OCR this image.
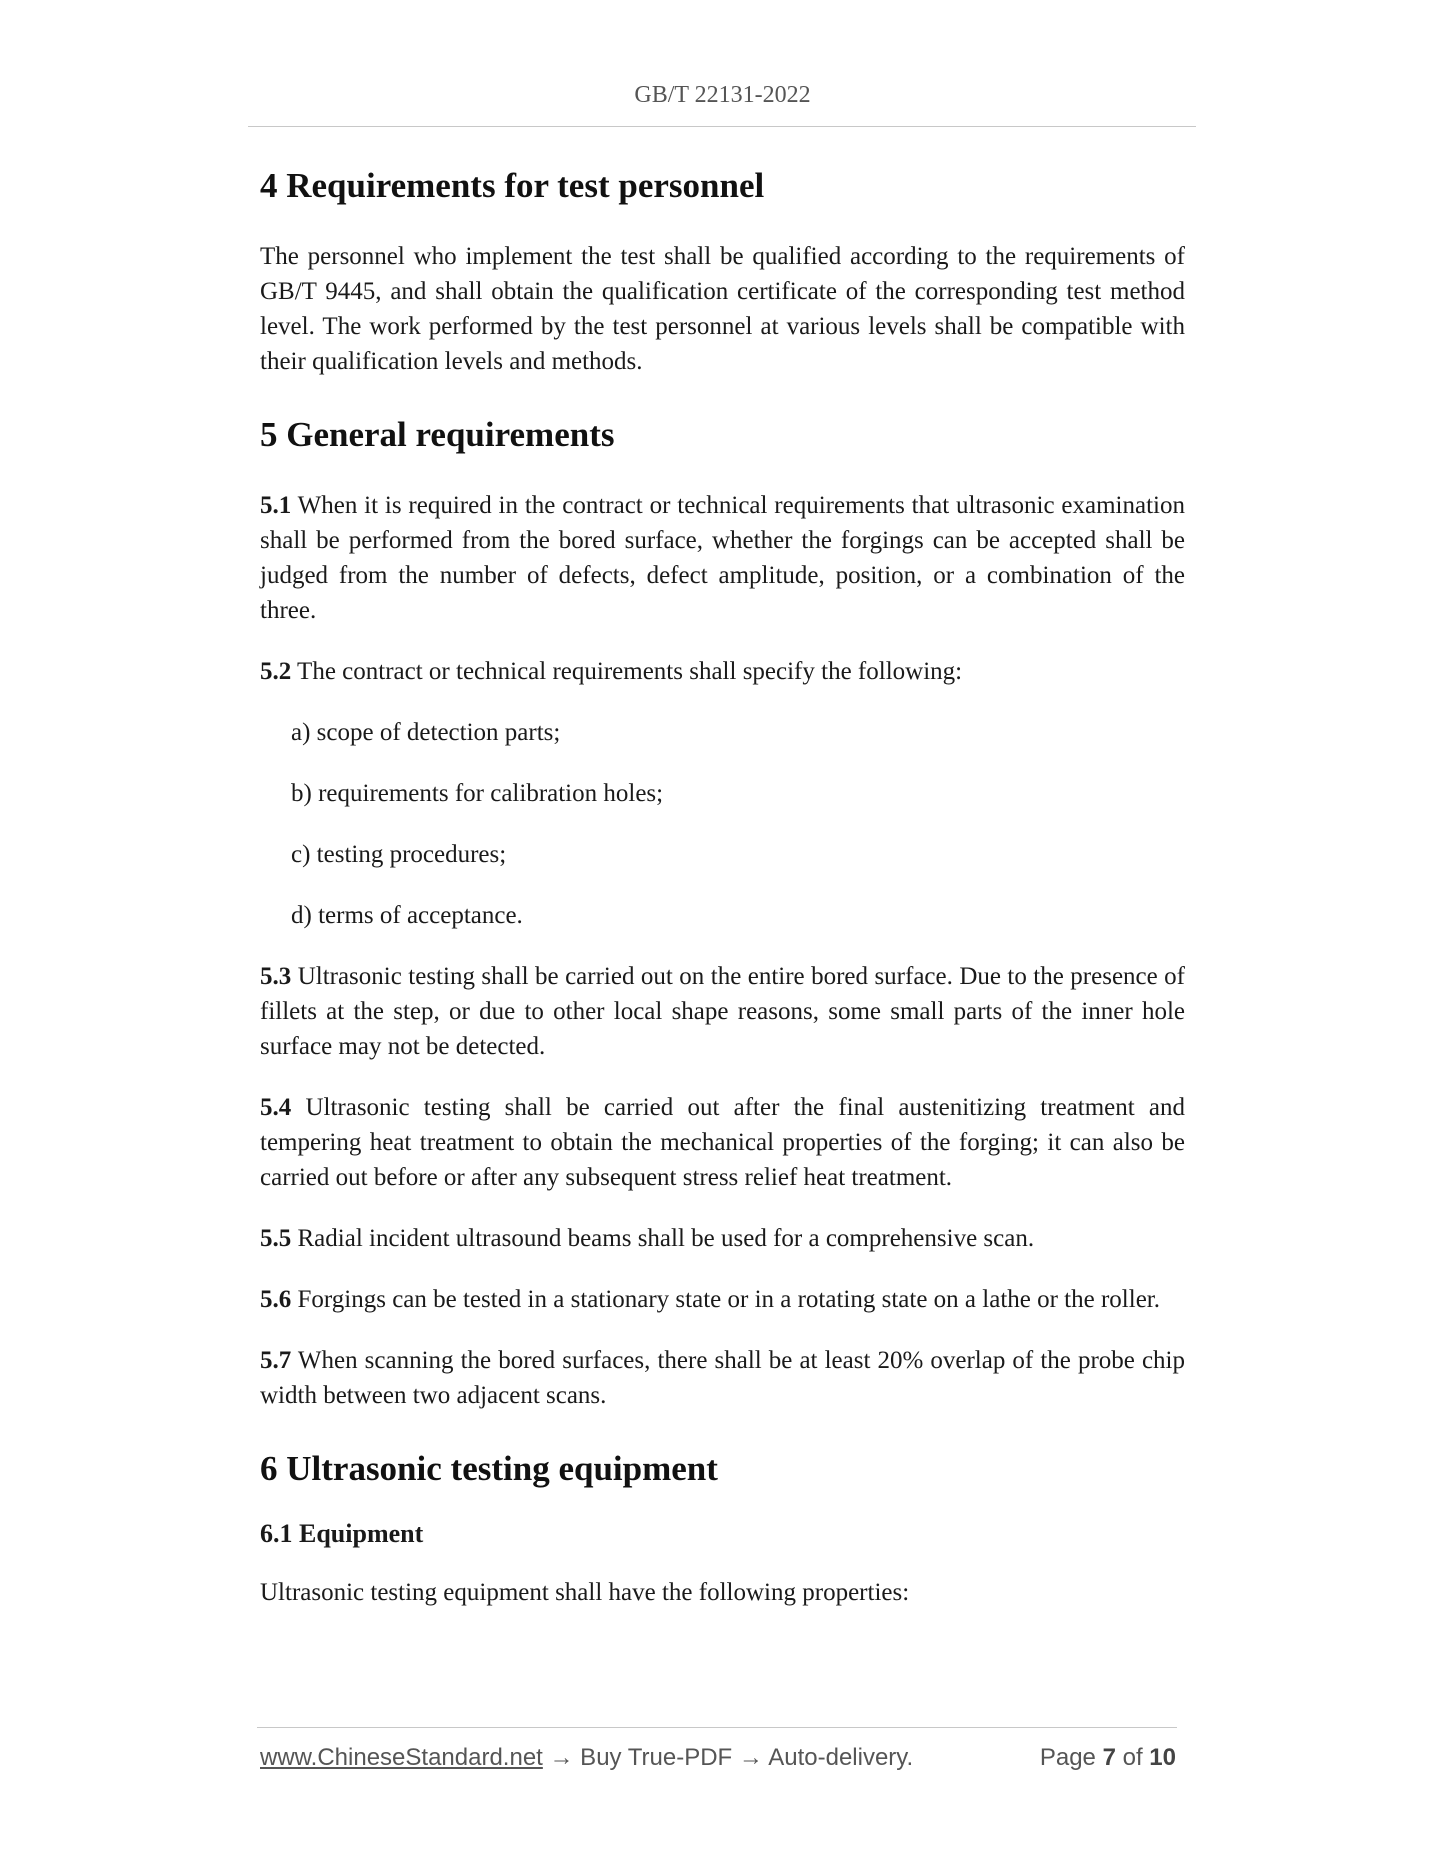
GB/T 22131-2022
4 Requirements for test personnel

The personnel who implement the test shall be qualified according to the requirements of GB/T 9445, and shall obtain the qualification certificate of the corresponding test method level. The work performed by the test personnel at various levels shall be compatible with their qualification levels and methods.

5 General requirements

5.1 When it is required in the contract or technical requirements that ultrasonic examination shall be performed from the bored surface, whether the forgings can be accepted shall be judged from the number of defects, defect amplitude, position, or a combination of the three.

5.2 The contract or technical requirements shall specify the following:

a) scope of detection parts;

b) requirements for calibration holes;

c) testing procedures;

d) terms of acceptance.

5.3 Ultrasonic testing shall be carried out on the entire bored surface. Due to the presence of fillets at the step, or due to other local shape reasons, some small parts of the inner hole surface may not be detected.

5.4 Ultrasonic testing shall be carried out after the final austenitizing treatment and tempering heat treatment to obtain the mechanical properties of the forging; it can also be carried out before or after any subsequent stress relief heat treatment.

5.5 Radial incident ultrasound beams shall be used for a comprehensive scan.

5.6 Forgings can be tested in a stationary state or in a rotating state on a lathe or the roller.

5.7 When scanning the bored surfaces, there shall be at least 20% overlap of the probe chip width between two adjacent scans.

6 Ultrasonic testing equipment
6.1 Equipment

Ultrasonic testing equipment shall have the following properties:

www.ChineseStandard.net → Buy True-PDF → Auto-delivery.	Page 7 of 10
